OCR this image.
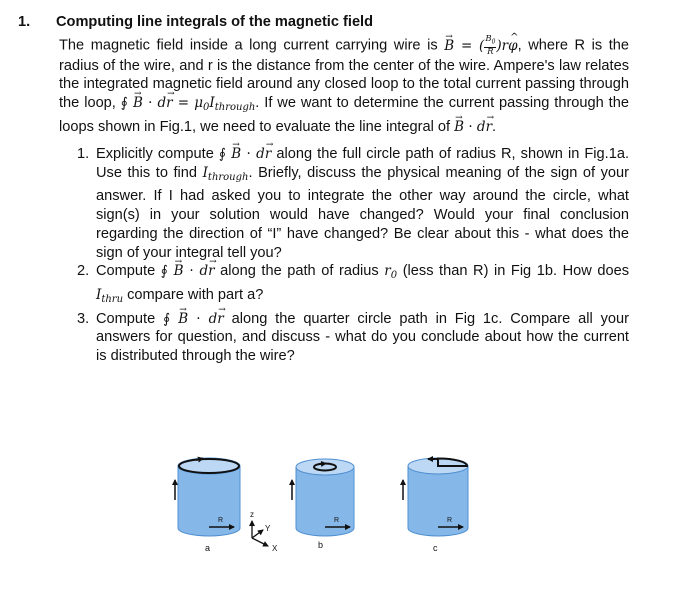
1. Computing line integrals of the magnetic field
The magnetic field inside a long current carrying wire is → B = ( $\frac{B_0}{R})r\^{}$ φ, where R is the radius of the wire, and r is the distance from the center of the wire. Ampere's law relates the integrated magnetic field around any closed loop to the total current passing through the loop, ∮ → $B \cdot d\to r = \mu_0I_{through}$. If we want to determine the current passing through the loops shown in Fig.1, we need to evaluate the line integral of → B · d→ r.
1. Explicitly compute ∮ → B · d→ r along the full circle path of radius R, shown in Fig.1a. Use this to find $I_{through}$. Briefly, discuss the physical meaning of the sign of your answer. If I had asked you to integrate the other way around the circle, what sign(s) in your solution would have changed? Would your final conclusion regarding the direction of “I” have changed? Be clear about this - what does the sign of your integral tell you?
2. Compute ∮ → B · d→ r along the path of radius $r_0$ (less than R) in Fig 1b. How does $I_{thru}$ compare with part a?
3. Compute ∮ → B · d→ r along the quarter circle path in Fig 1c. Compare all your answers for question, and discuss - what do you conclude about how the current is distributed through the wire?
R
a
z
Y
X
R
b
R
c
